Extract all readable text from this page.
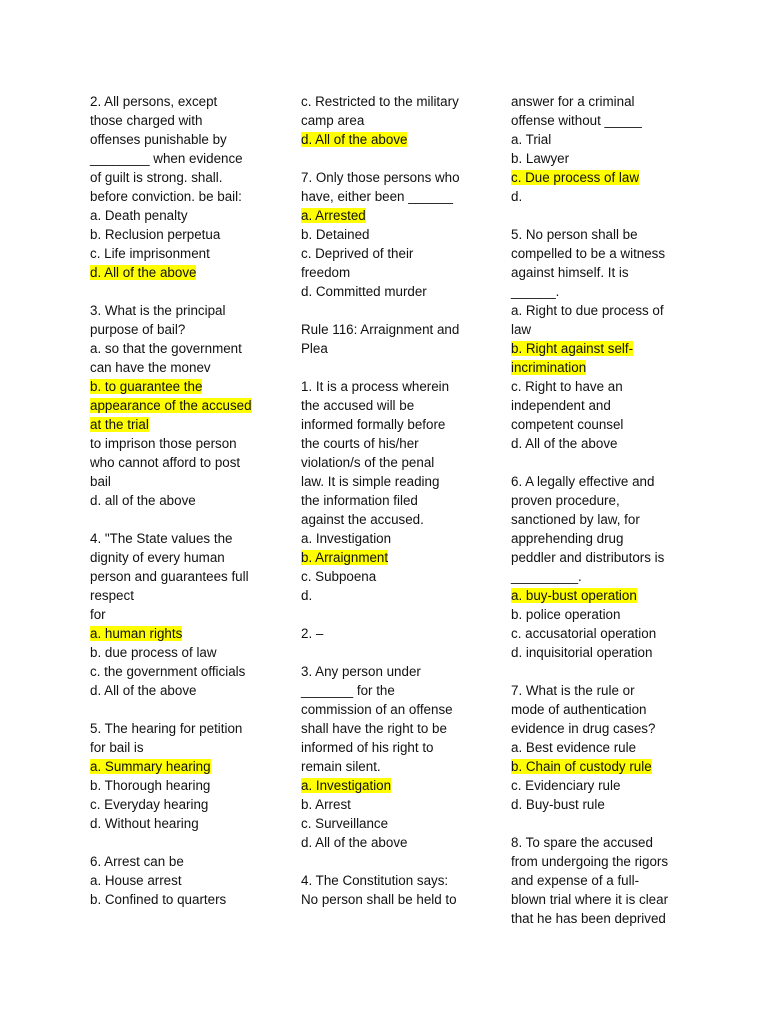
2. All persons, except
those charged with
offenses punishable by
________ when evidence
of guilt is strong. shall.
before conviction. be bail:
a. Death penalty
b. Reclusion perpetua
c. Life imprisonment
d. All of the above
3. What is the principal
purpose of bail?
a. so that the government
can have the monev
b. to guarantee the
appearance of the accused
at the trial
to imprison those person
who cannot afford to post
bail
d. all of the above
4. "The State values the
dignity of every human
person and guarantees full
respect
for
a. human rights
b. due process of law
c. the government officials
d. All of the above
5. The hearing for petition
for bail is
a. Summary hearing
b. Thorough hearing
c. Everyday hearing
d. Without hearing
6. Arrest can be
a. House arrest
b. Confined to quarters
c. Restricted to the military
camp area
d. All of the above
7. Only those persons who
have, either been ______
a. Arrested
b. Detained
c. Deprived of their
freedom
d. Committed murder
Rule 116: Arraignment and
Plea
1. It is a process wherein
the accused will be
informed formally before
the courts of his/her
violation/s of the penal
law. It is simple reading
the information filed
against the accused.
a. Investigation
b. Arraignment
c. Subpoena
d.
2. –
3. Any person under
_______ for the
commission of an offense
shall have the right to be
informed of his right to
remain silent.
a. Investigation
b. Arrest
c. Surveillance
d. All of the above
4. The Constitution says:
No person shall be held to
answer for a criminal
offense without _____
a. Trial
b. Lawyer
c. Due process of law
d.
5. No person shall be
compelled to be a witness
against himself. It is
______.
a. Right to due process of
law
b. Right against self-
incrimination
c. Right to have an
independent and
competent counsel
d. All of the above
6. A legally effective and
proven procedure,
sanctioned by law, for
apprehending drug
peddler and distributors is
_________.
a. buy-bust operation
b. police operation
c. accusatorial operation
d. inquisitorial operation
7. What is the rule or
mode of authentication
evidence in drug cases?
a. Best evidence rule
b. Chain of custody rule
c. Evidenciary rule
d. Buy-bust rule
8. To spare the accused
from undergoing the rigors
and expense of a full-
blown trial where it is clear
that he has been deprived
